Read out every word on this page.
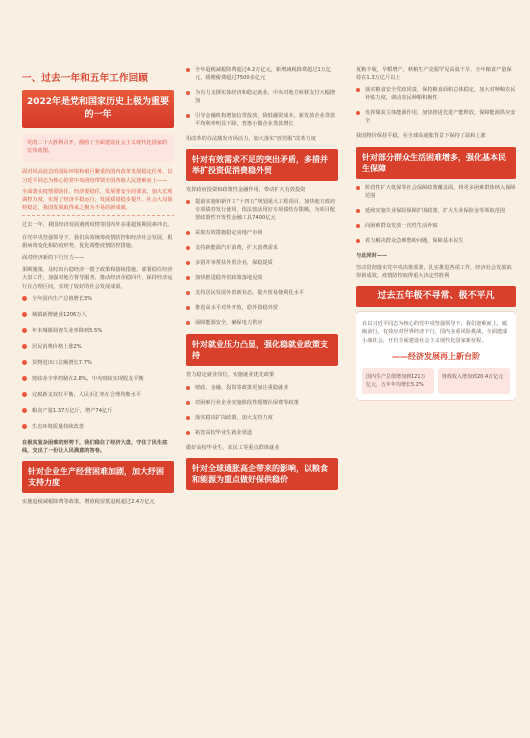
一、过去一年和五年工作回顾
2022年是党和国家历史上极为重要的一年

党的二十大胜利召开，描绘了全面建设社会主义现代化国家的宏伟蓝图。

面对风高浪急的国际环境和艰巨繁重的国内改革发展稳定任务，以习近平同志为核心的党中央团结带领全国各族人民迎难而上——

全面落实疫情要防住、经济要稳住、发展要安全的要求，加大宏观调控力度，实现了经济平稳运行、发展质量稳步提升、社会大局保持稳定，我国发展取得来之极为不易的新成就。

过去一年，我国经济发展遇到疫情等国内外多重超预期因素冲击。

在党中央坚强领导下，我们高效统筹疫情防控和经济社会发展，根据病毒变化和防疫形势，优化调整疫情防控措施。

面对经济新的下行压力——

果断施策，及时出台稳经济一揽子政策和接续措施，部署稳住经济大盘工作，加强对地方督导服务，推动经济企稳回升，保持经济运行在合理区间，实现了较好的社会发展成果。

全年国内生产总值增长3%
城镇新增就业1206万人
年末城镇调查失业率降到5.5%
居民消费价格上涨2%
货物进出口总额增长7.7%
财政赤字率控制在2.8%，中央财政实现收支平衡
完税新支双杠平衡，人民币汇率在合理均衡水平
粮食产量1.37万亿斤，增产74亿斤
生态环境质量持续改善

在极其复杂困难的形势下，我们稳住了经济大盘，守住了民生底线，交出了一份让人民满意的答卷。

针对企业生产经营困难加剧，加大纾困支持力度

实施退税减税降费等政策，增值税留抵退税超过2.4万亿元

全年退税减税降费超过4.2万亿元，新增减税降费超过1万亿元，缓缴税费超过7500多亿元
为有力支撑实体经济和稳定就业，中央对地方转移支付大幅增加
引导金融机构增加信贷投放，降低融资成本，新发放企业贷款平均利率明显下降，普惠小微企业贷款增长

用改革的办法激发市场活力，加大落实“放管服”改革力度

针对有效需求不足的突出矛盾，多措并举扩投资促消费稳外贸

发挥政府投资和政策性金融作用，带动扩大有效投资

提前实施和新开工“十四五”规划重大工程项目，加快地方政府专项债券发行使用，依法盘活用好专项债结存限额，为项目配置政策性开发性金融工具7400亿元
采取有效措施稳定房地产市场
支持新能源汽车消费，扩大消费需求
多措并举帮扶外贸企业，保稳提质
加快推进稳外贸政策落地见效
支持居民发展外贸新业态，提升贸易便利化水平
推进高水平对外开放，稳外资稳外贸
保障能源安全，确保电力供应
针对就业压力凸显，强化稳就业政策支持

着力稳定就业岗位，实施就业优先政策

财政、金融、投资等政策更加注重稳就业
对困难行业企业实施阶段性缓缴社保费等政策
落实稳岗扩岗政策，加大支持力度
拓宽高校毕业生就业渠道

做好高校毕业生、农民工等重点群体就业

针对全球通胀高企带来的影响，以粮食和能源为重点做好保供稳价

夏粮丰收，早稻增产，秋粮生产克服罕见高温干旱，全年粮食产量保持在1.3万亿斤以上

落实粮食安全党政同责，保持粮食面积总体稳定，加大对种粮农民补贴力度，调动农民种粮积极性
发挥煤炭主体能源作用，加快推进先进产能释放，保障能源供应安全

我国物价保持平稳，在全球高通胀背景下保持了温和上涨

针对部分群众生活困难增多，强化基本民生保障
阶段性扩大低保等社会保障政策覆盖面，将更多困难群体纳入保障范围
延续实施失业保险保障扩围政策，扩大失业保险金等领取范围
向困难群众发放一次性生活补贴
着力解决群众急难愁盼问题，保障基本民生

与此同时——

坚决贯彻落实党中央决策部署，扎实推进各项工作，经济社会发展取得新成效，疫情防控取得重大决定性胜利

过去五年极不寻常、极不平凡

在以习近平同志为核心的党中央坚强领导下，我们迎难而上，砥砺前行，有效应对世界经济下行、国内多重风险挑战，全面建成小康社会，开启全面建设社会主义现代化国家新征程。

——经济发展再上新台阶
国内生产总值增加到121万亿元，五年年均增长5.2%
财政收入增加到20.4万亿元
